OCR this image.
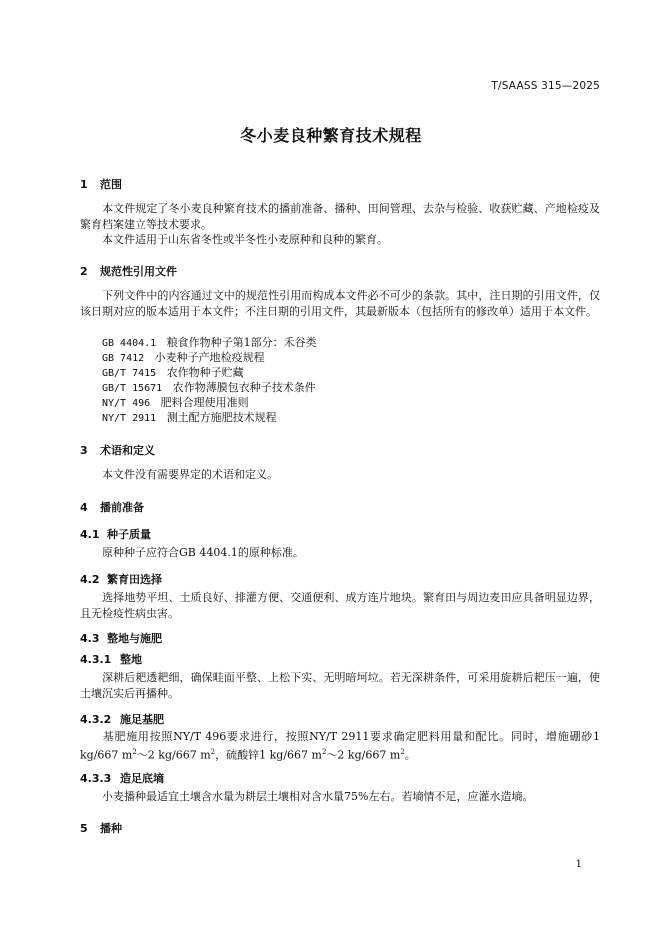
T/SAASS 315—2025
冬小麦良种繁育技术规程
1 范围
本文件规定了冬小麦良种繁育技术的播前准备、播种、田间管理、去杂与检验、收获贮藏、产地检疫及繁育档案建立等技术要求。
本文件适用于山东省冬性或半冬性小麦原种和良种的繁育。
2 规范性引用文件
下列文件中的内容通过文中的规范性引用而构成本文件必不可少的条款。其中，注日期的引用文件，仅该日期对应的版本适用于本文件；不注日期的引用文件，其最新版本（包括所有的修改单）适用于本文件。
GB 4404.1 粮食作物种子第1部分：禾谷类
GB 7412 小麦种子产地检疫规程
GB/T 7415 农作物种子贮藏
GB/T 15671 农作物薄膜包衣种子技术条件
NY/T 496 肥料合理使用准则
NY/T 2911 测土配方施肥技术规程
3 术语和定义
本文件没有需要界定的术语和定义。
4 播前准备
4.1 种子质量
原种种子应符合GB 4404.1的原种标准。
4.2 繁育田选择
选择地势平坦、土质良好、排灌方便、交通便利、成方连片地块。繁育田与周边麦田应具备明显边界，且无检疫性病虫害。
4.3 整地与施肥
4.3.1 整地
深耕后耙透耙细，确保畦面平整、上松下实、无明暗坷垃。若无深耕条件，可采用旋耕后耙压一遍，使土壤沉实后再播种。
4.3.2 施足基肥
基肥施用按照NY/T 496要求进行，按照NY/T 2911要求确定肥料用量和配比。同时，增施硼砂1 kg/667 $m^2\sim 2$ kg/667 $m^2$，硫酸锌1 kg/667 $m^2\sim 2$ kg/667 $m^2$。
4.3.3 造足底墒
小麦播种最适宜土壤含水量为耕层土壤相对含水量75%左右。若墒情不足，应灌水造墒。
5 播种
1
